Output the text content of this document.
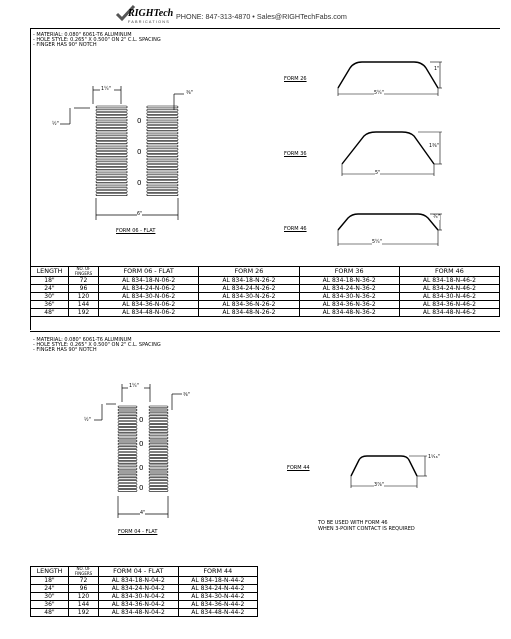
RIGHTech
FABRICATIONS
PHONE: 847-313-4870 • Sales@RIGHTechFabs.com
- MATERIAL: 0.080" 6061-T6 ALUMINUM
- HOLE STYLE: 0.265" X 0.500" ON 2" C.L. SPACING
- FINGER HAS 90° NOTCH
1¼"
⅜"
½"
6"
0
0
0
FORM 06 - FLAT
FORM 26
5¼"
1"
FORM 36
5"
1⅜"
FORM 46
5¼"
¾"
LENGTH	NO. OF FINGERS	FORM 06 - FLAT	FORM 26	FORM 36	FORM 46
18"	72	AL 834-18-N-06-2	AL 834-18-N-26-2	AL 834-18-N-36-2	AL 834-18-N-46-2
24"	96	AL 834-24-N-06-2	AL 834-24-N-26-2	AL 834-24-N-36-2	AL 834-24-N-46-2
30"	120	AL 834-30-N-06-2	AL 834-30-N-26-2	AL 834-30-N-36-2	AL 834-30-N-46-2
36"	144	AL 834-36-N-06-2	AL 834-36-N-26-2	AL 834-36-N-36-2	AL 834-36-N-46-2
48"	192	AL 834-48-N-06-2	AL 834-48-N-26-2	AL 834-48-N-36-2	AL 834-48-N-46-2
- MATERIAL: 0.080" 6061-T6 ALUMINUM
- HOLE STYLE: 0.265" X 0.500" ON 2" C.L. SPACING
- FINGER HAS 90° NOTCH
1¼"
⅜"
½"
4"
0
0
0
0
FORM 04 - FLAT
FORM 44
3⅞"
1⁵⁄₁₆"
TO BE USED WITH FORM 46
WHEN 3-POINT CONTACT IS REQUIRED
LENGTH	NO. OF FINGERS	FORM 04 - FLAT	FORM 44
18"	72	AL 834-18-N-04-2	AL 834-18-N-44-2
24"	96	AL 834-24-N-04-2	AL 834-24-N-44-2
30"	120	AL 834-30-N-04-2	AL 834-30-N-44-2
36"	144	AL 834-36-N-04-2	AL 834-36-N-44-2
48"	192	AL 834-48-N-04-2	AL 834-48-N-44-2
